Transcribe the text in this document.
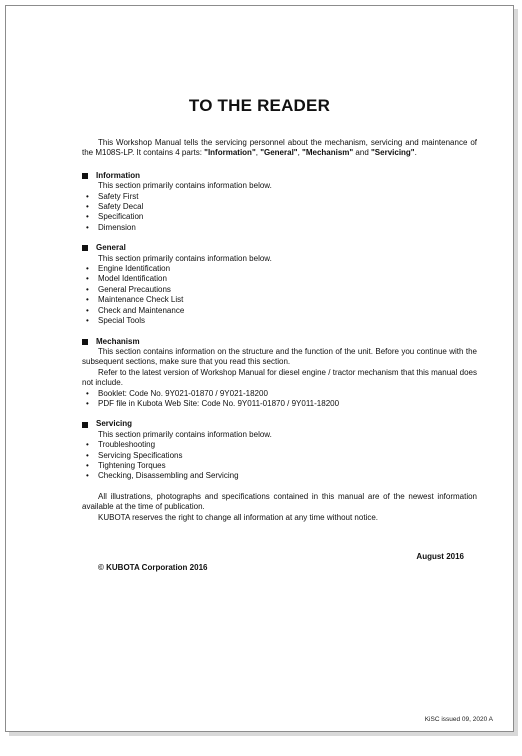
TO THE READER

This Workshop Manual tells the servicing personnel about the mechanism, servicing and maintenance of the M108S-LP. It contains 4 parts: "Information", "General", "Mechanism" and "Servicing".

Information

This section primarily contains information below.

• Safety First
• Safety Decal
• Specification
• Dimension
General

This section primarily contains information below.

• Engine Identification
• Model Identification
• General Precautions
• Maintenance Check List
• Check and Maintenance
• Special Tools
Mechanism

This section contains information on the structure and the function of the unit. Before you continue with the subsequent sections, make sure that you read this section.

Refer to the latest version of Workshop Manual for diesel engine / tractor mechanism that this manual does not include.

• Booklet: Code No. 9Y021-01870 / 9Y021-18200
• PDF file in Kubota Web Site: Code No. 9Y011-01870 / 9Y011-18200
Servicing

This section primarily contains information below.

• Troubleshooting
• Servicing Specifications
• Tightening Torques
• Checking, Disassembling and Servicing

All illustrations, photographs and specifications contained in this manual are of the newest information available at the time of publication.

KUBOTA reserves the right to change all information at any time without notice.

August 2016
© KUBOTA Corporation 2016
KiSC issued 09, 2020 A
